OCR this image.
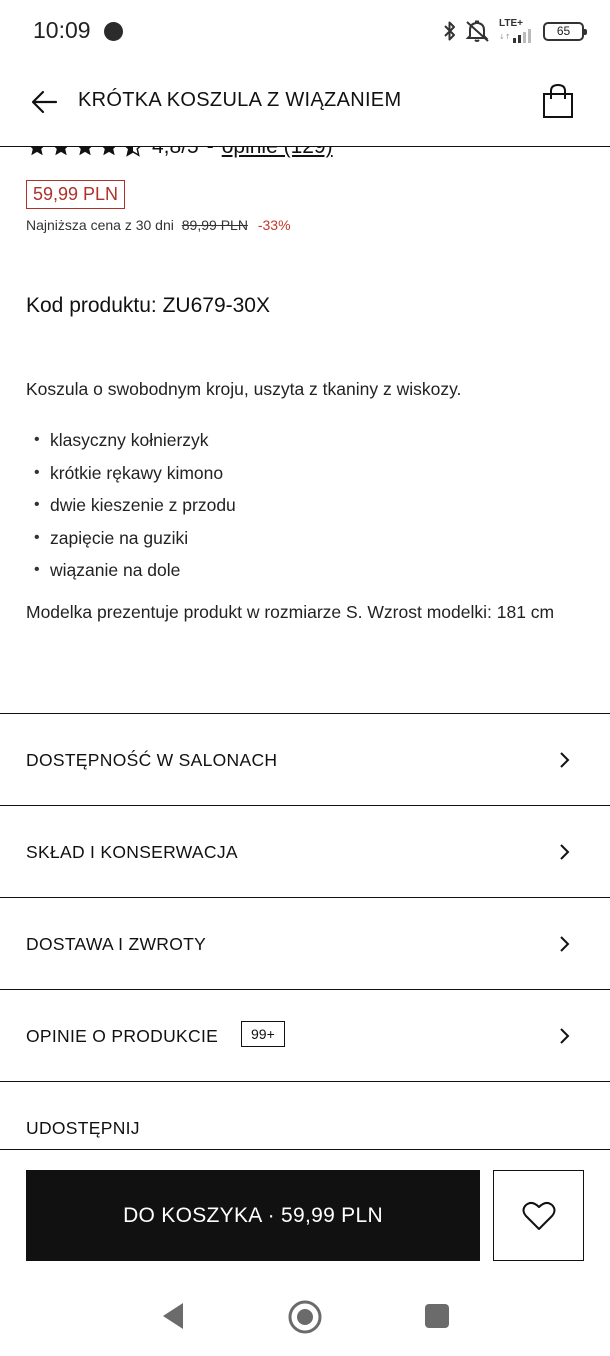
10:09	LTE+
↓↑	65
KRÓTKA KOSZULA Z WIĄZANIEM
59,99 PLN
Najniższa cena z 30 dni 89,99 PLN -33%
Kod produktu: ZU679-30X
Koszula o swobodnym kroju, uszyta z tkaniny z wiskozy.
• klasyczny kołnierzyk
• krótkie rękawy kimono
• dwie kieszenie z przodu
• zapięcie na guziki
• wiązanie na dole
Modelka prezentuje produkt w rozmiarze S. Wzrost modelki: 181 cm
DOSTĘPNOŚĆ W SALONACH
SKŁAD I KONSERWACJA
DOSTAWA I ZWROTY
OPINIE O PRODUKCIE	99+
UDOSTĘPNIJ
DO KOSZYKA · 59,99 PLN
